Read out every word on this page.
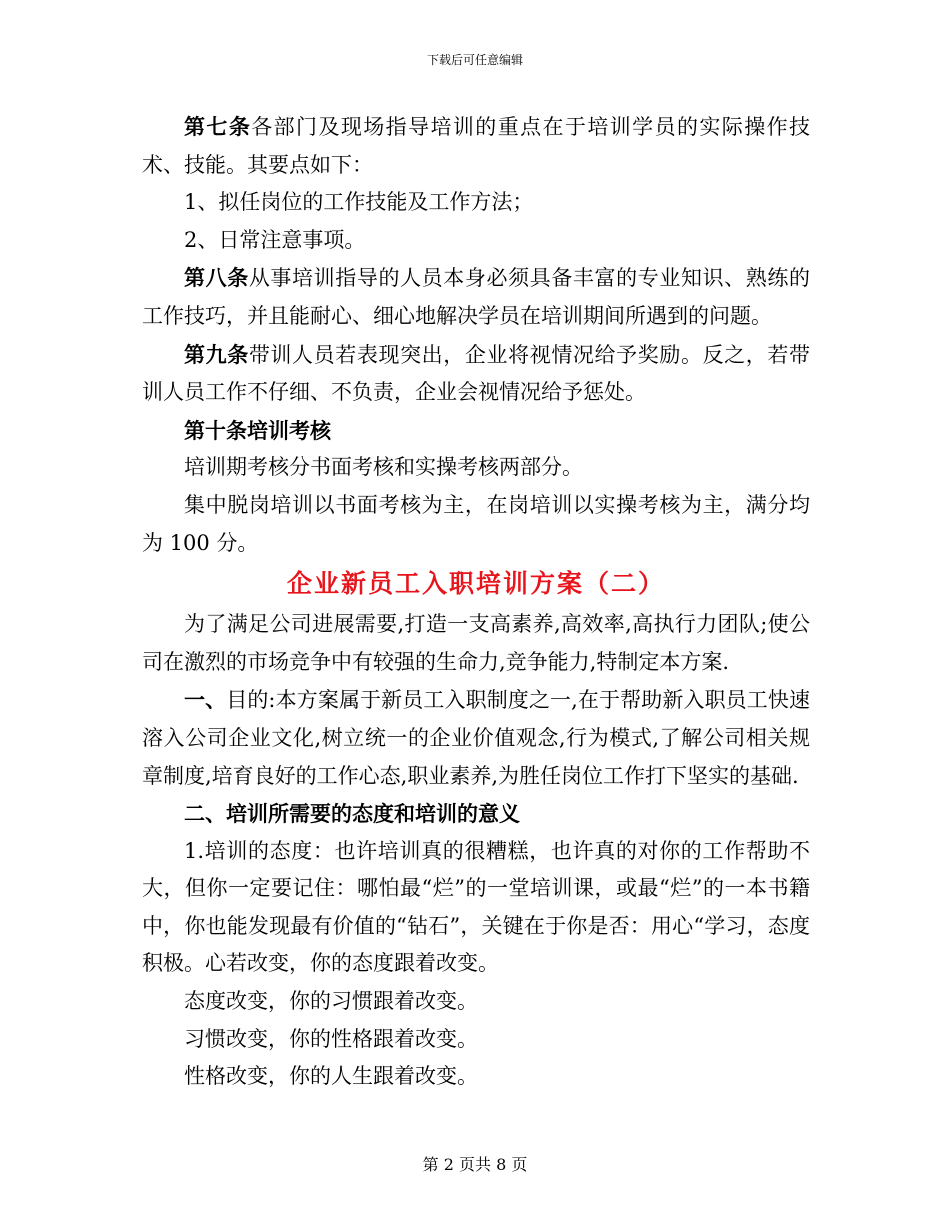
下载后可任意编辑

第七条各部门及现场指导培训的重点在于培训学员的实际操作技术、技能。其要点如下：

1、拟任岗位的工作技能及工作方法；

2、日常注意事项。

第八条从事培训指导的人员本身必须具备丰富的专业知识、熟练的工作技巧，并且能耐心、细心地解决学员在培训期间所遇到的问题。

第九条带训人员若表现突出，企业将视情况给予奖励。反之，若带训人员工作不仔细、不负责，企业会视情况给予惩处。

第十条培训考核

培训期考核分书面考核和实操考核两部分。

集中脱岗培训以书面考核为主，在岗培训以实操考核为主，满分均为 100 分。

企业新员工入职培训方案（二）

为了满足公司进展需要,打造一支高素养,高效率,高执行力团队;使公司在激烈的市场竞争中有较强的生命力,竞争能力,特制定本方案.

一、目的:本方案属于新员工入职制度之一,在于帮助新入职员工快速溶入公司企业文化,树立统一的企业价值观念,行为模式,了解公司相关规章制度,培育良好的工作心态,职业素养,为胜任岗位工作打下坚实的基础.

二、培训所需要的态度和培训的意义

1.培训的态度：也许培训真的很糟糕，也许真的对你的工作帮助不大，但你一定要记住：哪怕最“烂”的一堂培训课，或最“烂”的一本书籍中，你也能发现最有价值的“钻石”，关键在于你是否：用心“学习，态度积极。心若改变，你的态度跟着改变。

态度改变，你的习惯跟着改变。

习惯改变，你的性格跟着改变。

性格改变，你的人生跟着改变。

第 2 页共 8 页
